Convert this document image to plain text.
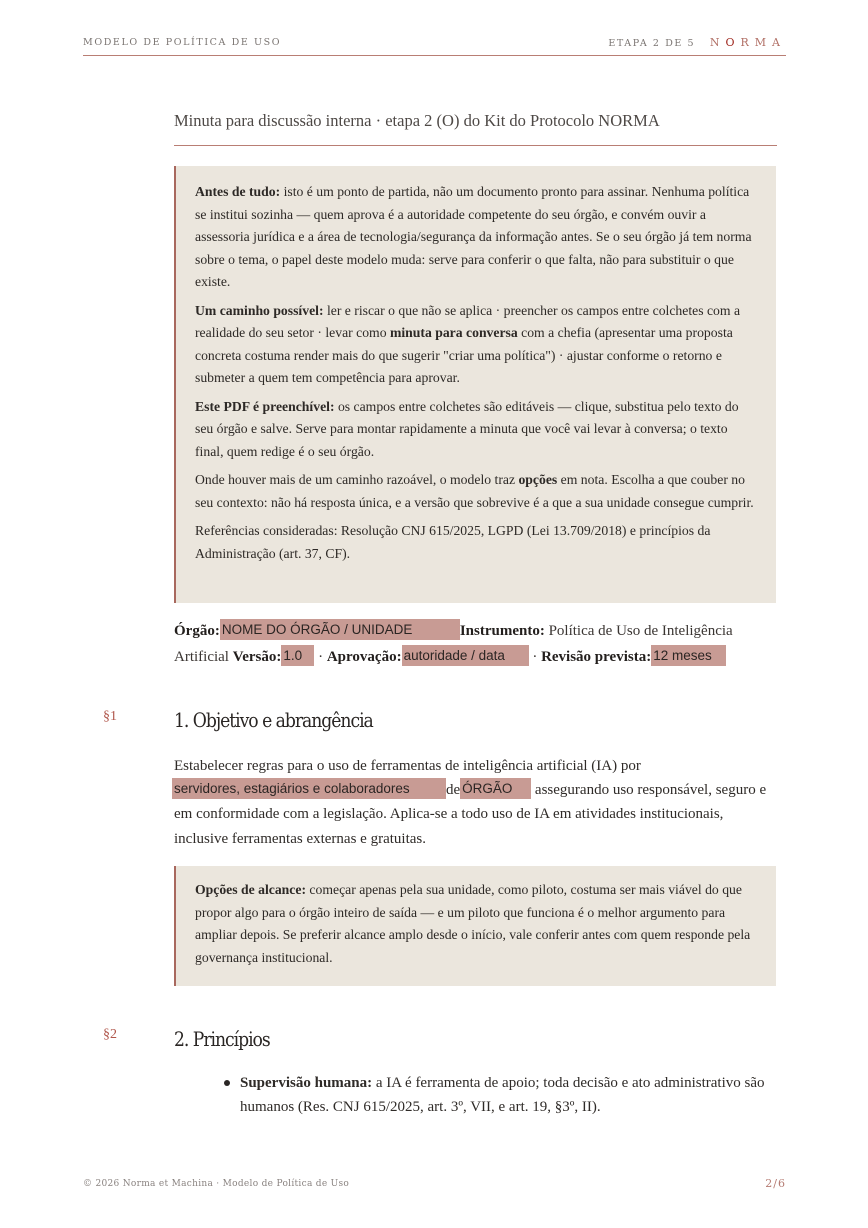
MODELO DE POLÍTICA DE USO	ETAPA 2 DE 5 NORMA
Minuta para discussão interna · etapa 2 (O) do Kit do Protocolo NORMA

Antes de tudo: isto é um ponto de partida, não um documento pronto para assinar. Nenhuma política se institui sozinha — quem aprova é a autoridade competente do seu órgão, e convém ouvir a assessoria jurídica e a área de tecnologia/segurança da informação antes. Se o seu órgão já tem norma sobre o tema, o papel deste modelo muda: serve para conferir o que falta, não para substituir o que existe.

Um caminho possível: ler e riscar o que não se aplica · preencher os campos entre colchetes com a realidade do seu setor · levar como minuta para conversa com a chefia (apresentar uma proposta concreta costuma render mais do que sugerir "criar uma política") · ajustar conforme o retorno e submeter a quem tem competência para aprovar.

Este PDF é preenchível: os campos entre colchetes são editáveis — clique, substitua pelo texto do seu órgão e salve. Serve para montar rapidamente a minuta que você vai levar à conversa; o texto final, quem redige é o seu órgão.

Onde houver mais de um caminho razoável, o modelo traz opções em nota. Escolha a que couber no seu contexto: não há resposta única, e a versão que sobrevive é a que a sua unidade consegue cumprir.

Referências consideradas: Resolução CNJ 615/2025, LGPD (Lei 13.709/2018) e princípios da Administração (art. 37, CF).

Órgão: NOME DO ÓRGÃO / UNIDADE	Instrumento: Política de Uso de Inteligência Artificial Versão: 1.0 · Aprovação: autoridade / data · Revisão prevista: 12 meses
§1	1. Objetivo e abrangência
Estabelecer regras para o uso de ferramentas de inteligência artificial (IA) por servidores, estagiários e colaboradores de ÓRGÃO assegurando uso responsável, seguro e em conformidade com a legislação. Aplica-se a todo uso de IA em atividades institucionais, inclusive ferramentas externas e gratuitas.

Opções de alcance: começar apenas pela sua unidade, como piloto, costuma ser mais viável do que propor algo para o órgão inteiro de saída — e um piloto que funciona é o melhor argumento para ampliar depois. Se preferir alcance amplo desde o início, vale conferir antes com quem responde pela governança institucional.

§2	2. Princípios
Supervisão humana: a IA é ferramenta de apoio; toda decisão e ato administrativo são humanos (Res. CNJ 615/2025, art. 3º, VII, e art. 19, §3º, II).
© 2026 Norma et Machina · Modelo de Política de Uso	2/6
